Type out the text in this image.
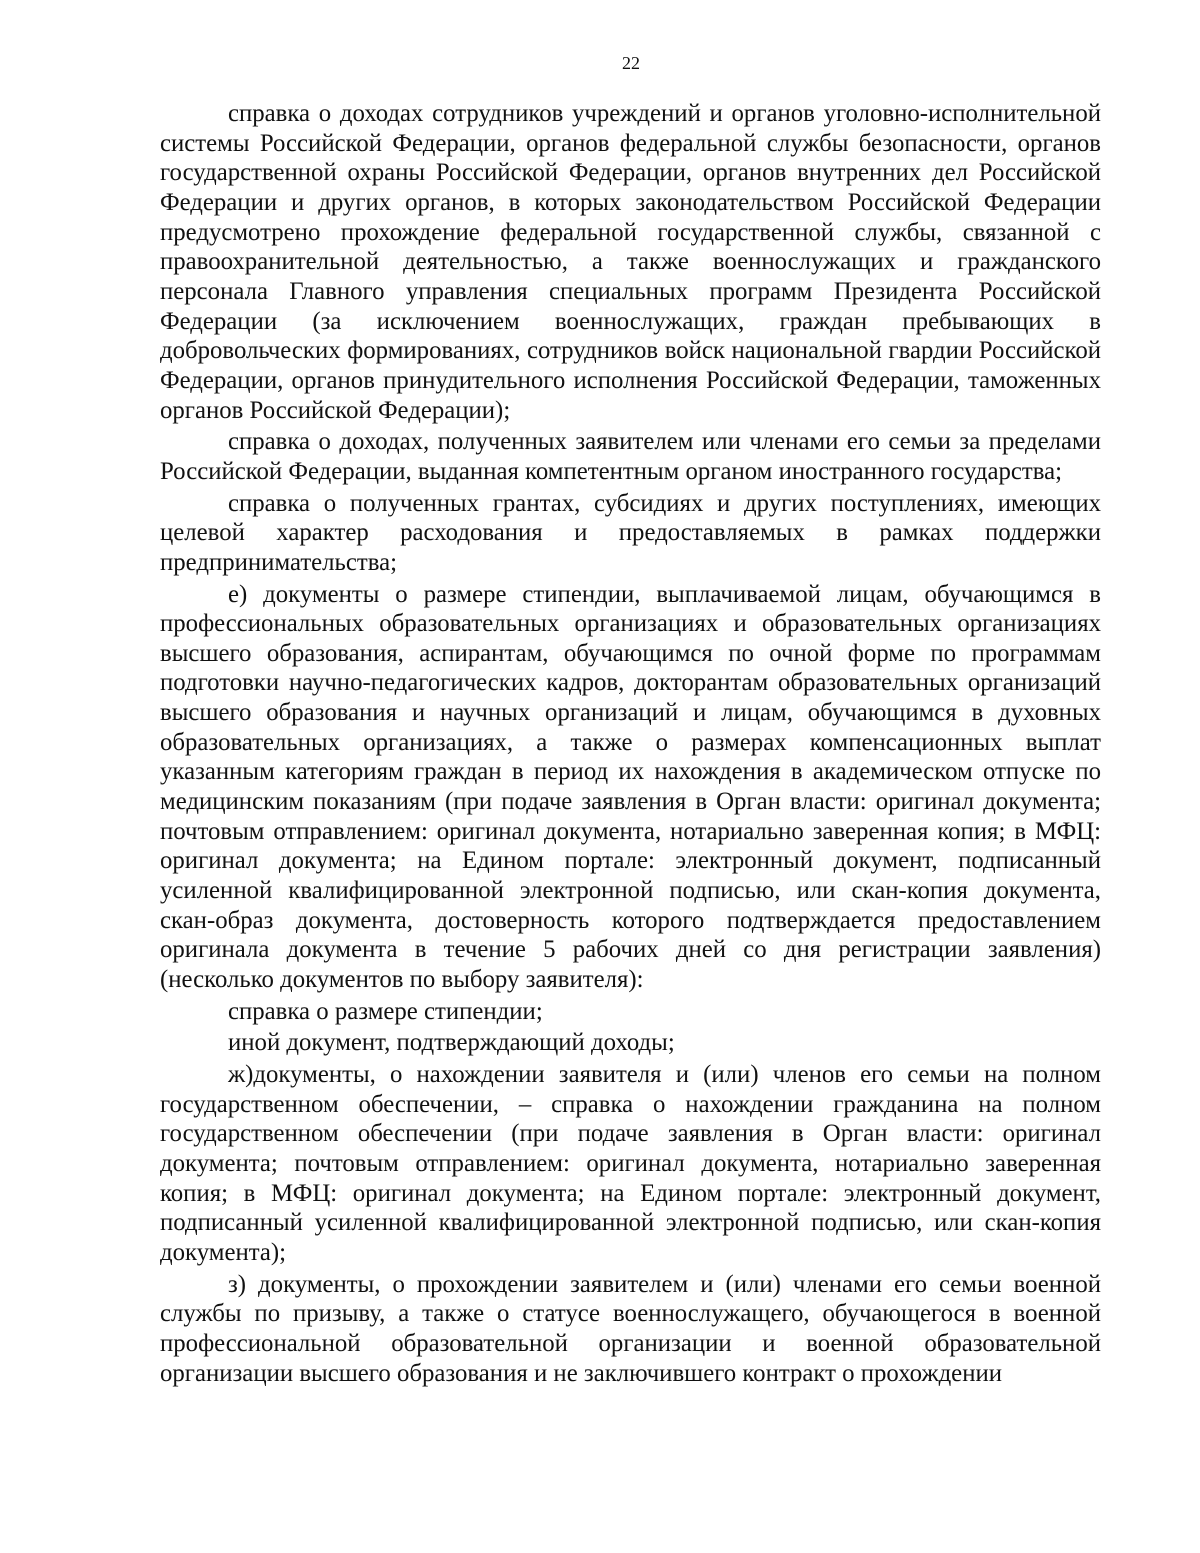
22

справка о доходах сотрудников учреждений и органов уголовно-исполнительной системы Российской Федерации, органов федеральной службы безопасности, органов государственной охраны Российской Федерации, органов внутренних дел Российской Федерации и других органов, в которых законодательством Российской Федерации предусмотрено прохождение федеральной государственной службы, связанной с правоохранительной деятельностью, а также военнослужащих и гражданского персонала Главного управления специальных программ Президента Российской Федерации (за исключением военнослужащих, граждан пребывающих в добровольческих формированиях, сотрудников войск национальной гвардии Российской Федерации, органов принудительного исполнения Российской Федерации, таможенных органов Российской Федерации);

справка о доходах, полученных заявителем или членами его семьи за пределами Российской Федерации, выданная компетентным органом иностранного государства;

справка о полученных грантах, субсидиях и других поступлениях, имеющих целевой характер расходования и предоставляемых в рамках поддержки предпринимательства;

е) документы о размере стипендии, выплачиваемой лицам, обучающимся в профессиональных образовательных организациях и образовательных организациях высшего образования, аспирантам, обучающимся по очной форме по программам подготовки научно-педагогических кадров, докторантам образовательных организаций высшего образования и научных организаций и лицам, обучающимся в духовных образовательных организациях, а также о размерах компенсационных выплат указанным категориям граждан в период их нахождения в академическом отпуске по медицинским показаниям (при подаче заявления в Орган власти: оригинал документа; почтовым отправлением: оригинал документа, нотариально заверенная копия; в МФЦ: оригинал документа; на Едином портале: электронный документ, подписанный усиленной квалифицированной электронной подписью, или скан-копия документа, скан-образ документа, достоверность которого подтверждается предоставлением оригинала документа в течение 5 рабочих дней со дня регистрации заявления) (несколько документов по выбору заявителя):

справка о размере стипендии;

иной документ, подтверждающий доходы;

ж)документы, о нахождении заявителя и (или) членов его семьи на полном государственном обеспечении, – справка о нахождении гражданина на полном государственном обеспечении (при подаче заявления в Орган власти: оригинал документа; почтовым отправлением: оригинал документа, нотариально заверенная копия; в МФЦ: оригинал документа; на Едином портале: электронный документ, подписанный усиленной квалифицированной электронной подписью, или скан-копия документа);

з) документы, о прохождении заявителем и (или) членами его семьи военной службы по призыву, а также о статусе военнослужащего, обучающегося в военной профессиональной образовательной организации и военной образовательной организации высшего образования и не заключившего контракт о прохождении
